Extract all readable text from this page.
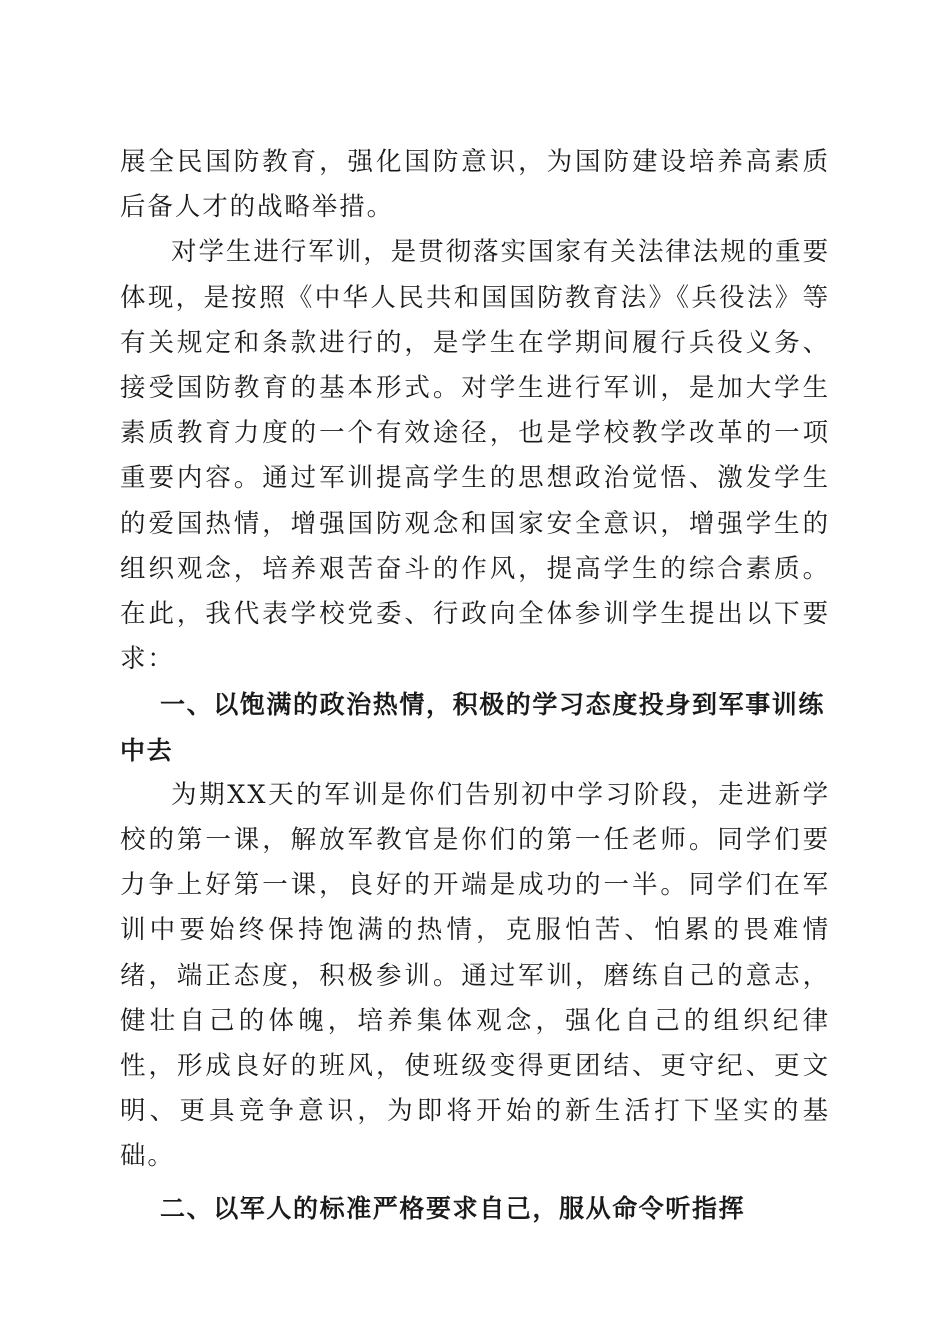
展全民国防教育，强化国防意识，为国防建设培养高素质后备人才的战略举措。

对学生进行军训，是贯彻落实国家有关法律法规的重要体现，是按照《中华人民共和国国防教育法》《兵役法》等有关规定和条款进行的，是学生在学期间履行兵役义务、接受国防教育的基本形式。对学生进行军训，是加大学生素质教育力度的一个有效途径，也是学校教学改革的一项重要内容。通过军训提高学生的思想政治觉悟、激发学生的爱国热情，增强国防观念和国家安全意识，增强学生的组织观念，培养艰苦奋斗的作风，提高学生的综合素质。在此，我代表学校党委、行政向全体参训学生提出以下要求：

一、以饱满的政治热情，积极的学习态度投身到军事训练中去

为期XX天的军训是你们告别初中学习阶段，走进新学校的第一课，解放军教官是你们的第一任老师。同学们要力争上好第一课，良好的开端是成功的一半。同学们在军训中要始终保持饱满的热情，克服怕苦、怕累的畏难情绪，端正态度，积极参训。通过军训，磨练自己的意志，健壮自己的体魄，培养集体观念，强化自己的组织纪律性，形成良好的班风，使班级变得更团结、更守纪、更文明、更具竞争意识，为即将开始的新生活打下坚实的基础。

二、以军人的标准严格要求自己，服从命令听指挥
